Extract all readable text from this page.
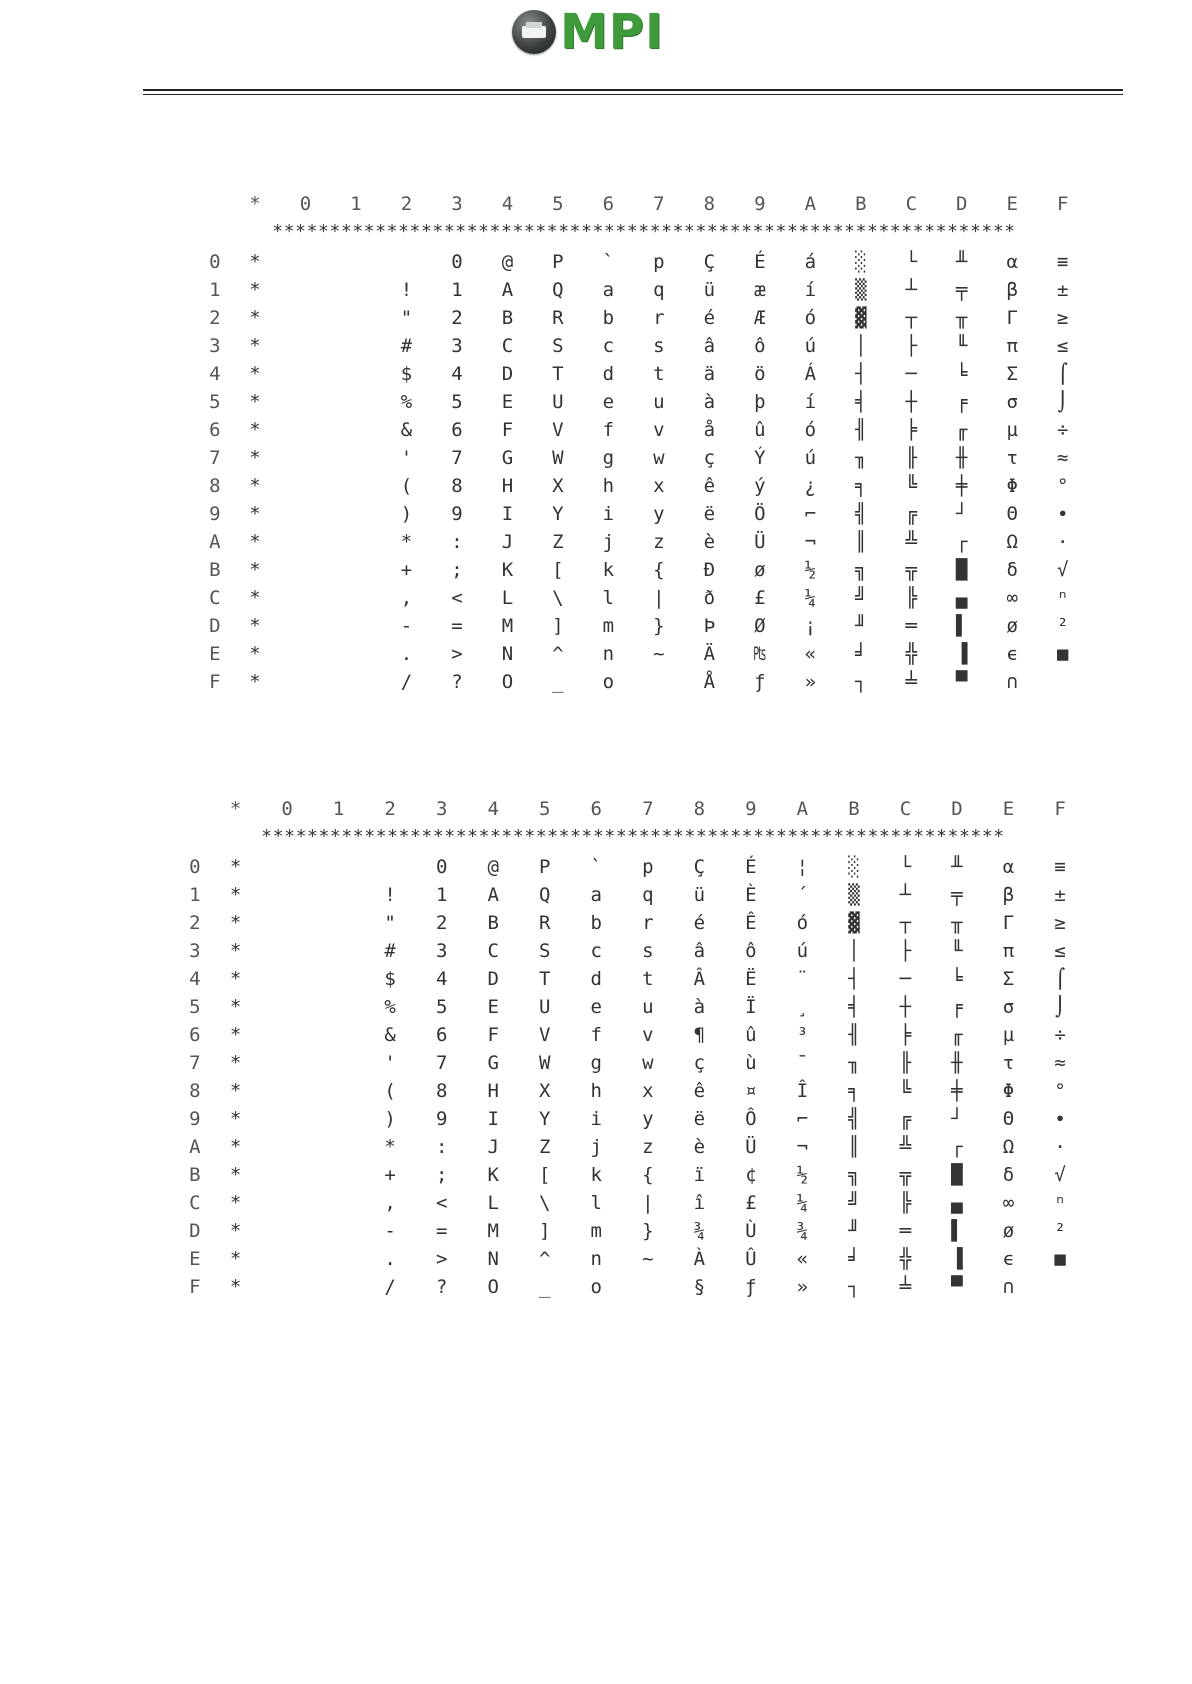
MPI
	*	0	1	2	3	4	5	6	7	8	9	A	B	C	D	E	F

*****************************************************************																	

0	*				0	@	P	`	p	Ç	É	á	░	└	╨	α	≡
1	*			!	1	A	Q	a	q	ü	æ	í	▒	┴	╤	β	±
2	*			"	2	B	R	b	r	é	Æ	ó	▓	┬	╥	Γ	≥
3	*			#	3	C	S	c	s	â	ô	ú	│	├	╙	π	≤
4	*			$	4	D	T	d	t	ä	ö	Á	┤	─	╘	Σ	⌠
5	*			%	5	E	U	e	u	à	þ	í	╡	┼	╒	σ	⌡
6	*			&	6	F	V	f	v	å	û	ó	╢	╞	╓	µ	÷
7	*			'	7	G	W	g	w	ç	Ý	ú	╖	╟	╫	τ	≈
8	*			(	8	H	X	h	x	ê	ý	¿	╕	╚	╪	Φ	°
9	*			)	9	I	Y	i	y	ë	Ö	⌐	╣	╔	┘	Θ	∙
A	*			*	:	J	Z	j	z	è	Ü	¬	║	╩	┌	Ω	·
B	*			+	;	K	[	k	{	Đ	ø	½	╗	╦	█	δ	√
C	*			,	<	L	\	l	|	ð	£	¼	╝	╠	▄	∞	ⁿ
D	*			-	=	M	]	m	}	Þ	Ø	¡	╜	═	▌	ø	²
E	*			.	>	N	^	n	~	Ä	₧	«	╛	╬	▐	ϵ	■
F	*			/	?	O	_	o		Å	ƒ	»	┐	╧	▀	∩	
	*	0	1	2	3	4	5	6	7	8	9	A	B	C	D	E	F

*****************************************************************																	

0	*				0	@	P	`	p	Ç	É	¦	░	└	╨	α	≡
1	*			!	1	A	Q	a	q	ü	È	´	▒	┴	╤	β	±
2	*			"	2	B	R	b	r	é	Ê	ó	▓	┬	╥	Γ	≥
3	*			#	3	C	S	c	s	â	ô	ú	│	├	╙	π	≤
4	*			$	4	D	T	d	t	Â	Ë	¨	┤	─	╘	Σ	⌠
5	*			%	5	E	U	e	u	à	Ï	¸	╡	┼	╒	σ	⌡
6	*			&	6	F	V	f	v	¶	û	³	╢	╞	╓	µ	÷
7	*			'	7	G	W	g	w	ç	ù	¯	╖	╟	╫	τ	≈
8	*			(	8	H	X	h	x	ê	¤	Î	╕	╚	╪	Φ	°
9	*			)	9	I	Y	i	y	ë	Ô	⌐	╣	╔	┘	Θ	∙
A	*			*	:	J	Z	j	z	è	Ü	¬	║	╩	┌	Ω	·
B	*			+	;	K	[	k	{	ï	¢	½	╗	╦	█	δ	√
C	*			,	<	L	\	l	|	î	£	¼	╝	╠	▄	∞	ⁿ
D	*			-	=	M	]	m	}	¾	Ù	¾	╜	═	▌	ø	²
E	*			.	>	N	^	n	~	À	Û	«	╛	╬	▐	ϵ	■
F	*			/	?	O	_	o		§	ƒ	»	┐	╧	▀	∩	
